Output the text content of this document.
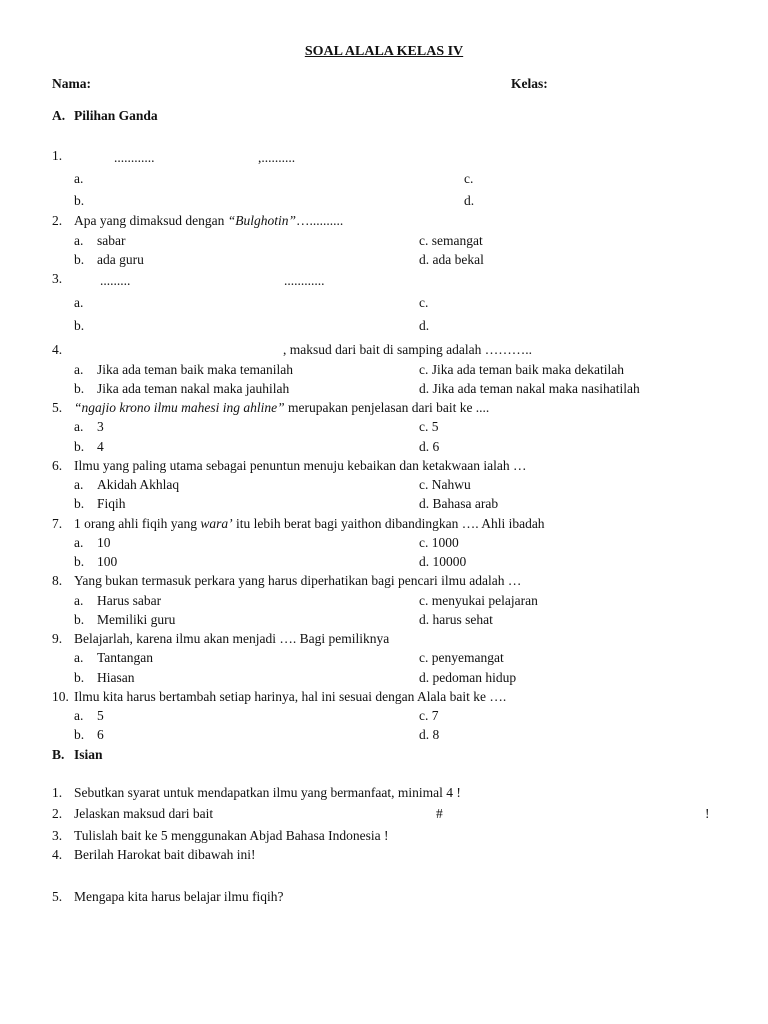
SOAL ALALA KELAS IV
Nama:	Kelas:
A. Pilihan Ganda
1.	............	,..........
a.	c.
b.	d.
2. Apa yang dimaksud dengan “Bulghotin”…..........
a. sabar	c. semangat
b. ada guru	d. ada bekal
3.	.........	............
a.	c.
b.	d.
4.	, maksud dari bait di samping adalah ………..
a. Jika ada teman baik maka temanilah	c. Jika ada teman baik maka dekatilah
b. Jika ada teman nakal maka jauhilah	d. Jika ada teman nakal maka nasihatilah
5. “ngajio krono ilmu mahesi ing ahline” merupakan penjelasan dari bait ke ....
a. 3	c. 5
b. 4	d. 6
6. Ilmu yang paling utama sebagai penuntun menuju kebaikan dan ketakwaan ialah …
a. Akidah Akhlaq	c. Nahwu
b. Fiqih	d. Bahasa arab
7. 1 orang ahli fiqih yang wara’ itu lebih berat bagi yaithon dibandingkan …. Ahli ibadah
a. 10	c. 1000
b. 100	d. 10000
8. Yang bukan termasuk perkara yang harus diperhatikan bagi pencari ilmu adalah …
a. Harus sabar	c. menyukai pelajaran
b. Memiliki guru	d. harus sehat
9. Belajarlah, karena ilmu akan menjadi …. Bagi pemiliknya
a. Tantangan	c. penyemangat
b. Hiasan	d. pedoman hidup
10. Ilmu kita harus bertambah setiap harinya, hal ini sesuai dengan Alala bait ke ….
a. 5	c. 7
b. 6	d. 8
B. Isian
1. Sebutkan syarat untuk mendapatkan ilmu yang bermanfaat, minimal 4 !
2. Jelaskan maksud dari bait	#	!
3. Tulislah bait ke 5 menggunakan Abjad Bahasa Indonesia !
4. Berilah Harokat bait dibawah ini!
5. Mengapa kita harus belajar ilmu fiqih?
